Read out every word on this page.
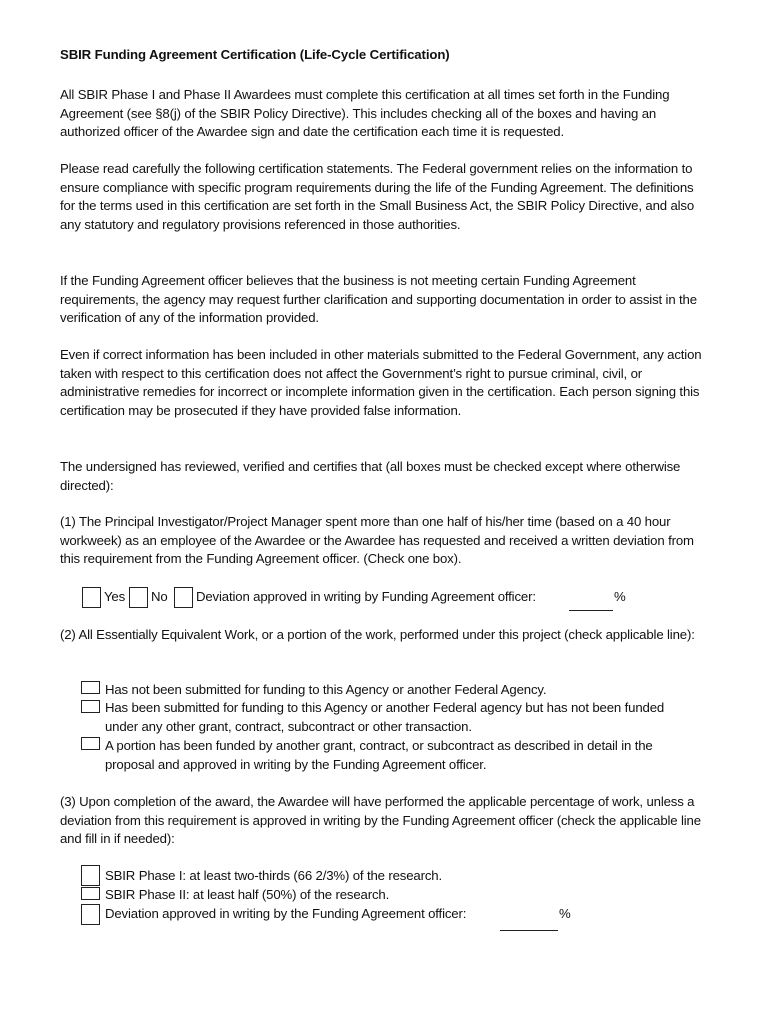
SBIR Funding Agreement Certification (Life-Cycle Certification)

All SBIR Phase I and Phase II Awardees must complete this certification at all times set forth in the Funding Agreement (see §8(j) of the SBIR Policy Directive). This includes checking all of the boxes and having an authorized officer of the Awardee sign and date the certification each time it is requested.

Please read carefully the following certification statements. The Federal government relies on the information to ensure compliance with specific program requirements during the life of the Funding Agreement. The definitions for the terms used in this certification are set forth in the Small Business Act, the SBIR Policy Directive, and also any statutory and regulatory provisions referenced in those authorities.

If the Funding Agreement officer believes that the business is not meeting certain Funding Agreement requirements, the agency may request further clarification and supporting documentation in order to assist in the verification of any of the information provided.

Even if correct information has been included in other materials submitted to the Federal Government, any action taken with respect to this certification does not affect the Government’s right to pursue criminal, civil, or administrative remedies for incorrect or incomplete information given in the certification. Each person signing this certification may be prosecuted if they have provided false information.

The undersigned has reviewed, verified and certifies that (all boxes must be checked except where otherwise directed):

(1) The Principal Investigator/Project Manager spent more than one half of his/her time (based on a 40 hour workweek) as an employee of the Awardee or the Awardee has requested and received a written deviation from this requirement from the Funding Agreement officer. (Check one box).

Yes No Deviation approved in writing by Funding Agreement officer:	%

(2) All Essentially Equivalent Work, or a portion of the work, performed under this project (check applicable line):

Has not been submitted for funding to this Agency or another Federal Agency.
Has been submitted for funding to this Agency or another Federal agency but has not been funded under any other grant, contract, subcontract or other transaction.
A portion has been funded by another grant, contract, or subcontract as described in detail in the proposal and approved in writing by the Funding Agreement officer.

(3) Upon completion of the award, the Awardee will have performed the applicable percentage of work, unless a deviation from this requirement is approved in writing by the Funding Agreement officer (check the applicable line and fill in if needed):

SBIR Phase I: at least two-thirds (66 2/3%) of the research.
SBIR Phase II: at least half (50%) of the research.
Deviation approved in writing by the Funding Agreement officer:	%
